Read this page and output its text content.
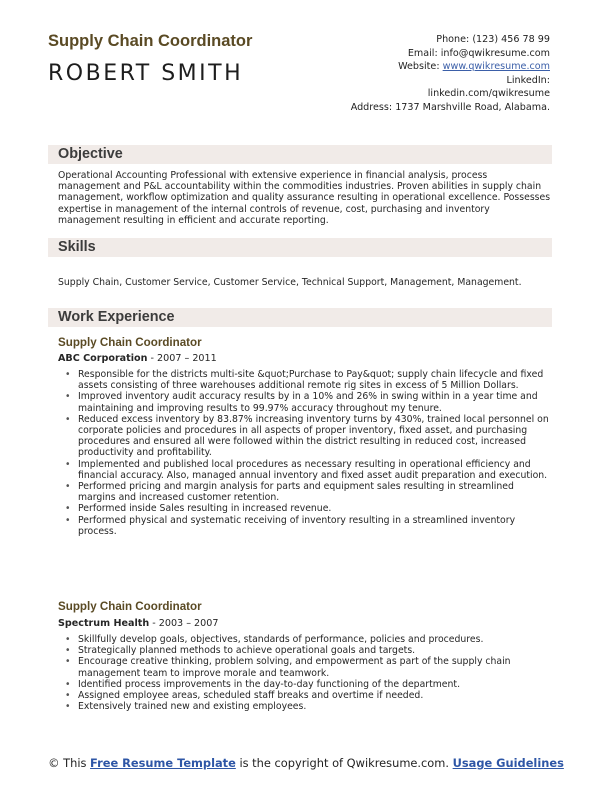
Supply Chain Coordinator
ROBERT SMITH
Phone: (123) 456 78 99
Email: info@qwikresume.com
Website: www.qwikresume.com
LinkedIn:
linkedin.com/qwikresume
Address: 1737 Marshville Road, Alabama.
Objective
Operational Accounting Professional with extensive experience in financial analysis, process management and P&L accountability within the commodities industries. Proven abilities in supply chain management, workflow optimization and quality assurance resulting in operational excellence. Possesses expertise in management of the internal controls of revenue, cost, purchasing and inventory management resulting in efficient and accurate reporting.
Skills
Supply Chain, Customer Service, Customer Service, Technical Support, Management, Management.
Work Experience
Supply Chain Coordinator
ABC Corporation - 2007 – 2011
• Responsible for the districts multi-site &quot;Purchase to Pay&quot; supply chain lifecycle and fixed assets consisting of three warehouses additional remote rig sites in excess of 5 Million Dollars.
• Improved inventory audit accuracy results by in a 10% and 26% in swing within in a year time and maintaining and improving results to 99.97% accuracy throughout my tenure.
• Reduced excess inventory by 83.87% increasing inventory turns by 430%, trained local personnel on corporate policies and procedures in all aspects of proper inventory, fixed asset, and purchasing procedures and ensured all were followed within the district resulting in reduced cost, increased productivity and profitability.
• Implemented and published local procedures as necessary resulting in operational efficiency and financial accuracy. Also, managed annual inventory and fixed asset audit preparation and execution.
• Performed pricing and margin analysis for parts and equipment sales resulting in streamlined margins and increased customer retention.
• Performed inside Sales resulting in increased revenue.
• Performed physical and systematic receiving of inventory resulting in a streamlined inventory process.
Supply Chain Coordinator
Spectrum Health - 2003 – 2007
• Skillfully develop goals, objectives, standards of performance, policies and procedures.
• Strategically planned methods to achieve operational goals and targets.
• Encourage creative thinking, problem solving, and empowerment as part of the supply chain management team to improve morale and teamwork.
• Identified process improvements in the day-to-day functioning of the department.
• Assigned employee areas, scheduled staff breaks and overtime if needed.
• Extensively trained new and existing employees.
© This Free Resume Template is the copyright of Qwikresume.com. Usage Guidelines
